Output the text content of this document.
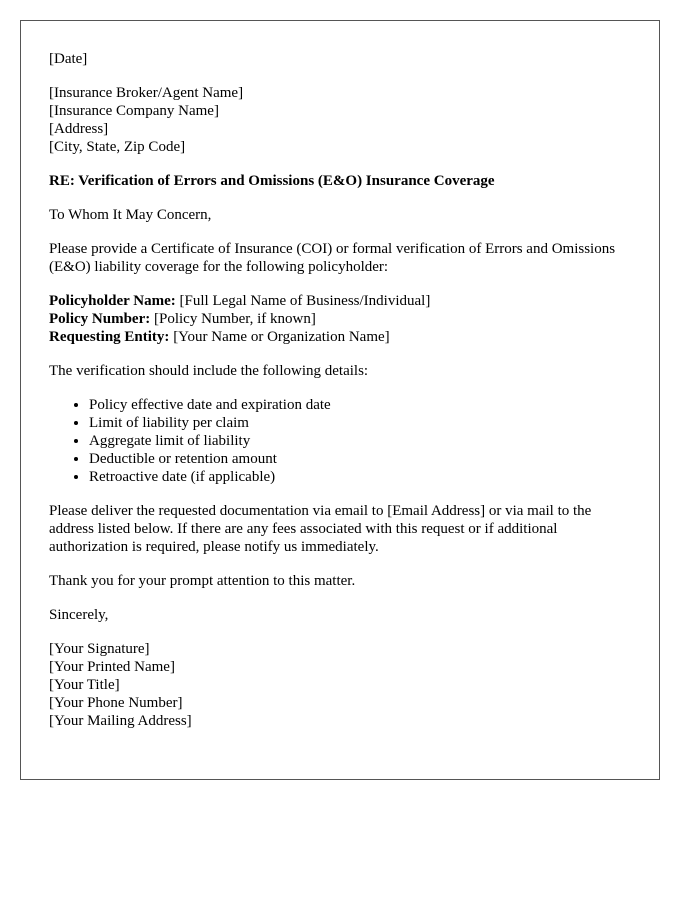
[Date]
[Insurance Broker/Agent Name]
[Insurance Company Name]
[Address]
[City, State, Zip Code]
RE: Verification of Errors and Omissions (E&O) Insurance Coverage
To Whom It May Concern,

Please provide a Certificate of Insurance (COI) or formal verification of Errors and Omissions (E&O) liability coverage for the following policyholder:

Policyholder Name: [Full Legal Name of Business/Individual]
Policy Number: [Policy Number, if known]
Requesting Entity: [Your Name or Organization Name]
The verification should include the following details:
• Policy effective date and expiration date
• Limit of liability per claim
• Aggregate limit of liability
• Deductible or retention amount
• Retroactive date (if applicable)

Please deliver the requested documentation via email to [Email Address] or via mail to the address listed below. If there are any fees associated with this request or if additional authorization is required, please notify us immediately.

Thank you for your prompt attention to this matter.
Sincerely,
[Your Signature]
[Your Printed Name]
[Your Title]
[Your Phone Number]
[Your Mailing Address]
